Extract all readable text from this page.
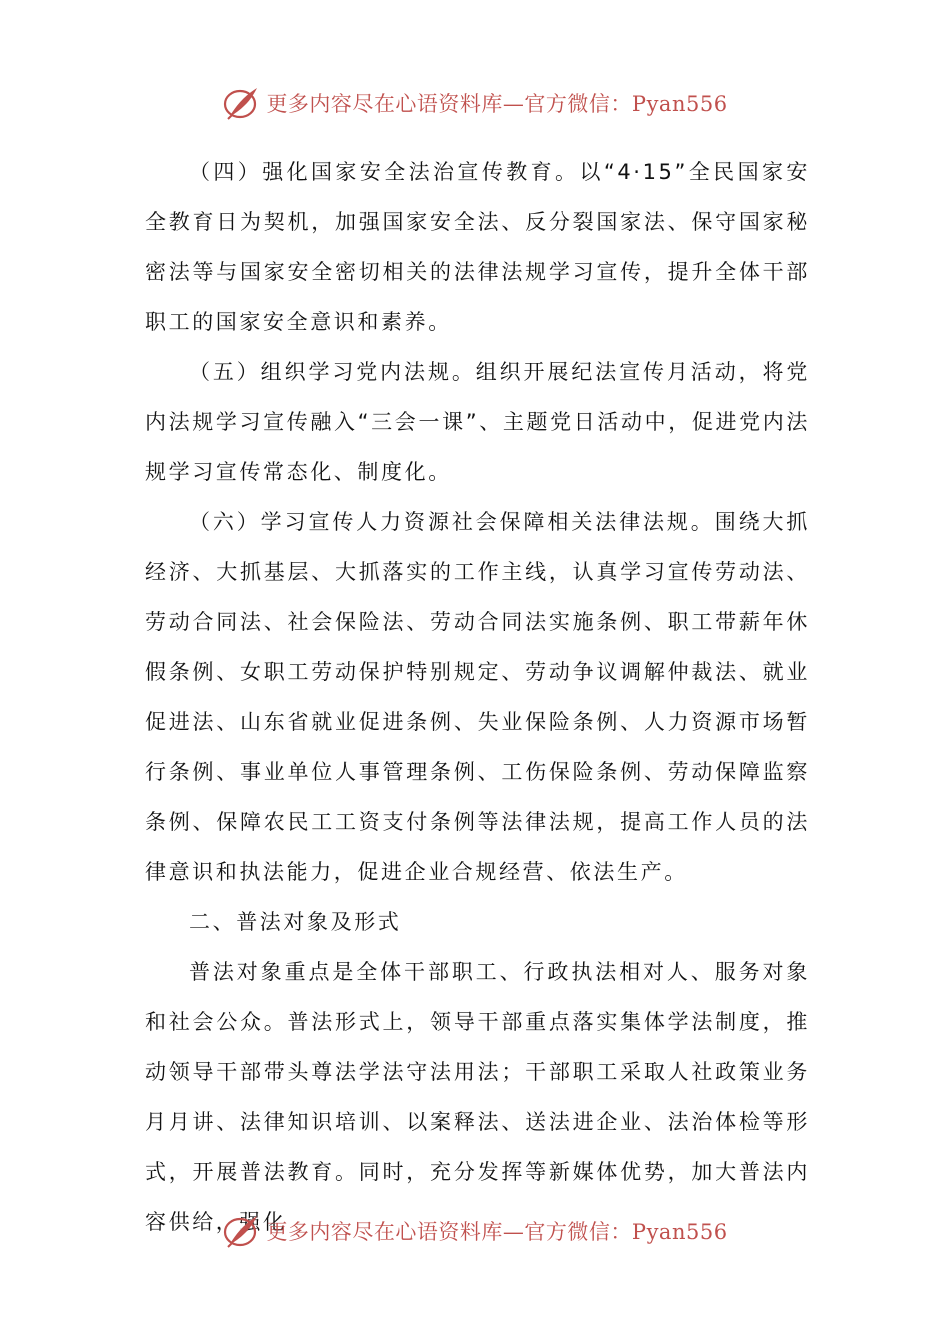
更多内容尽在心语资料库—官方微信：Pyan556

（四）强化国家安全法治宣传教育。以“4·15”全民国家安全教育日为契机，加强国家安全法、反分裂国家法、保守国家秘密法等与国家安全密切相关的法律法规学习宣传，提升全体干部职工的国家安全意识和素养。

（五）组织学习党内法规。组织开展纪法宣传月活动，将党内法规学习宣传融入“三会一课”、主题党日活动中，促进党内法规学习宣传常态化、制度化。

（六）学习宣传人力资源社会保障相关法律法规。围绕大抓经济、大抓基层、大抓落实的工作主线，认真学习宣传劳动法、劳动合同法、社会保险法、劳动合同法实施条例、职工带薪年休假条例、女职工劳动保护特别规定、劳动争议调解仲裁法、就业促进法、山东省就业促进条例、失业保险条例、人力资源市场暂行条例、事业单位人事管理条例、工伤保险条例、劳动保障监察条例、保障农民工工资支付条例等法律法规，提高工作人员的法律意识和执法能力，促进企业合规经营、依法生产。

二、普法对象及形式

普法对象重点是全体干部职工、行政执法相对人、服务对象和社会公众。普法形式上，领导干部重点落实集体学法制度，推动领导干部带头尊法学法守法用法；干部职工采取人社政策业务月月讲、法律知识培训、以案释法、送法进企业、法治体检等形式，开展普法教育。同时，充分发挥等新媒体优势，加大普法内容供给，强化

更多内容尽在心语资料库—官方微信：Pyan556
